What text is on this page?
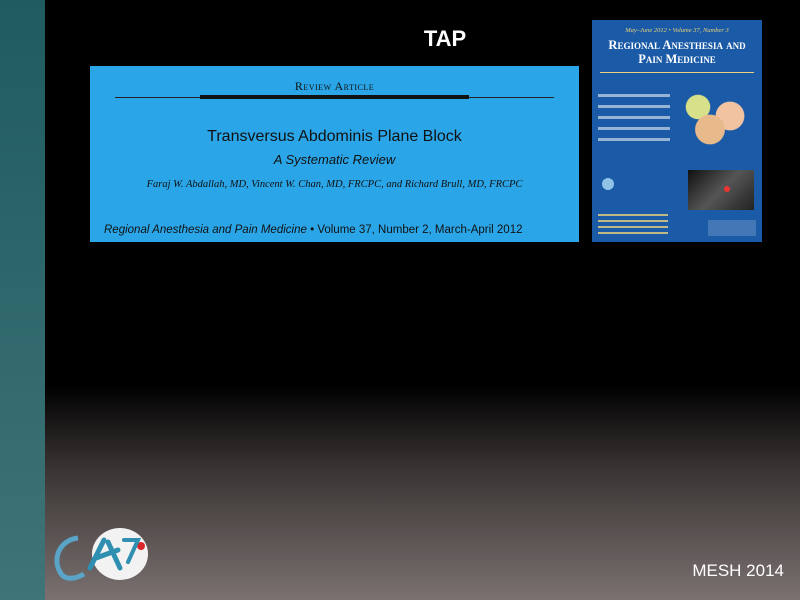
TAP
Review Article
Transversus Abdominis Plane Block
A Systematic Review
Faraj W. Abdallah, MD, Vincent W. Chan, MD, FRCPC, and Richard Brull, MD, FRCPC
Regional Anesthesia and Pain Medicine • Volume 37, Number 2, March-April 2012
May–June 2012 • Volume 37, Number 3
Regional Anesthesia and Pain Medicine
MESH 2014
